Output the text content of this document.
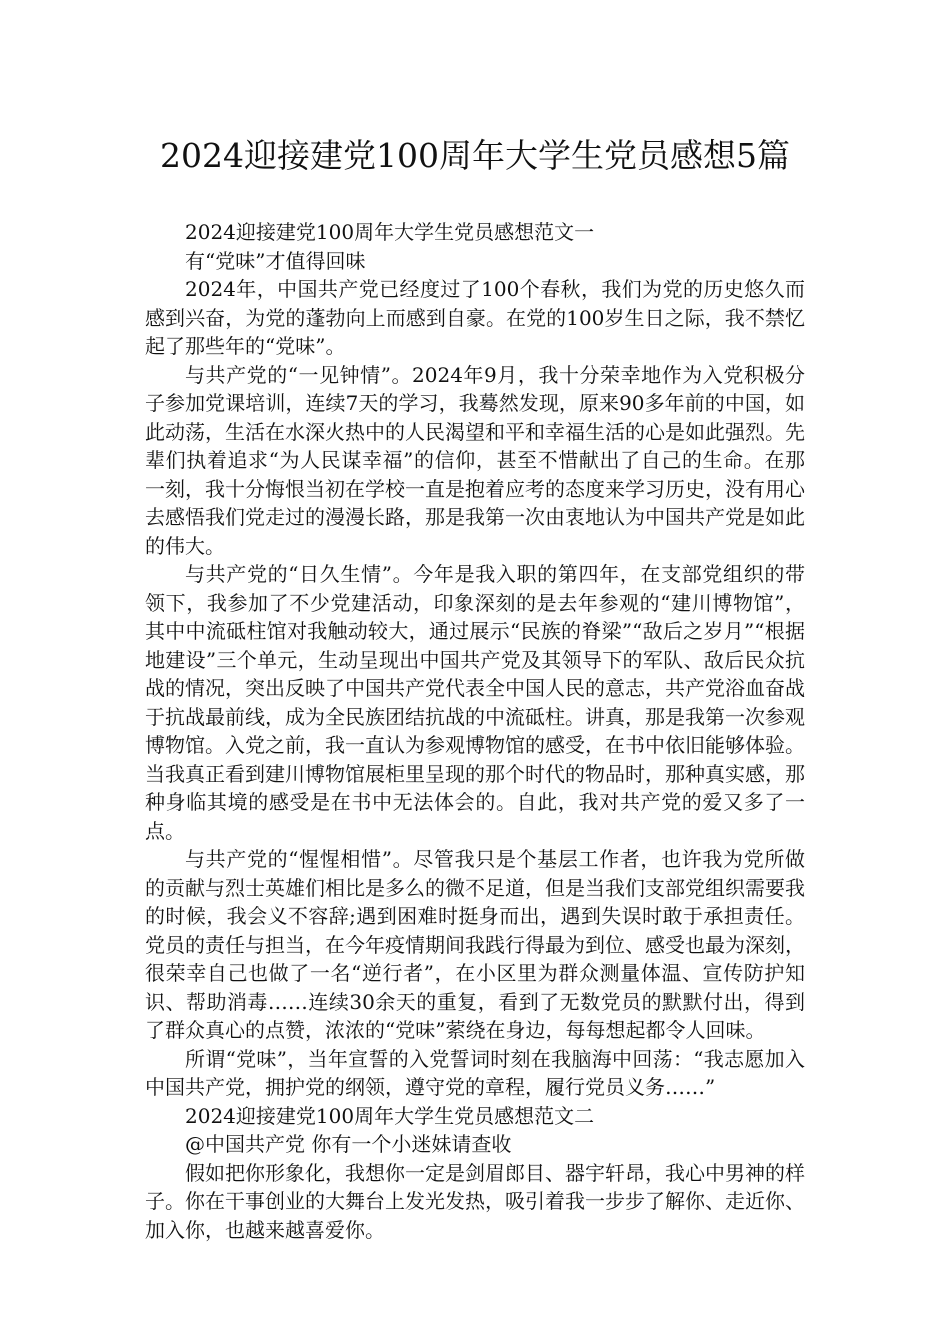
2024迎接建党100周年大学生党员感想5篇

2024迎接建党100周年大学生党员感想范文一

有“党味”才值得回味

2024年，中国共产党已经度过了100个春秋，我们为党的历史悠久而感到兴奋，为党的蓬勃向上而感到自豪。在党的100岁生日之际，我不禁忆起了那些年的“党味”。

与共产党的“一见钟情”。2024年9月，我十分荣幸地作为入党积极分子参加党课培训，连续7天的学习，我蓦然发现，原来90多年前的中国，如此动荡，生活在水深火热中的人民渴望和平和幸福生活的心是如此强烈。先辈们执着追求“为人民谋幸福”的信仰，甚至不惜献出了自己的生命。在那一刻，我十分悔恨当初在学校一直是抱着应考的态度来学习历史，没有用心去感悟我们党走过的漫漫长路，那是我第一次由衷地认为中国共产党是如此的伟大。

与共产党的“日久生情”。今年是我入职的第四年，在支部党组织的带领下，我参加了不少党建活动，印象深刻的是去年参观的“建川博物馆”，其中中流砥柱馆对我触动较大，通过展示“民族的脊梁”“敌后之岁月”“根据地建设”三个单元，生动呈现出中国共产党及其领导下的军队、敌后民众抗战的情况，突出反映了中国共产党代表全中国人民的意志，共产党浴血奋战于抗战最前线，成为全民族团结抗战的中流砥柱。讲真，那是我第一次参观博物馆。入党之前，我一直认为参观博物馆的感受，在书中依旧能够体验。当我真正看到建川博物馆展柜里呈现的那个时代的物品时，那种真实感，那种身临其境的感受是在书中无法体会的。自此，我对共产党的爱又多了一点。

与共产党的“惺惺相惜”。尽管我只是个基层工作者，也许我为党所做的贡献与烈士英雄们相比是多么的微不足道，但是当我们支部党组织需要我的时候，我会义不容辞;遇到困难时挺身而出，遇到失误时敢于承担责任。党员的责任与担当，在今年疫情期间我践行得最为到位、感受也最为深刻，很荣幸自己也做了一名“逆行者”，在小区里为群众测量体温、宣传防护知识、帮助消毒……连续30余天的重复，看到了无数党员的默默付出，得到了群众真心的点赞，浓浓的“党味”萦绕在身边，每每想起都令人回味。

所谓“党味”，当年宣誓的入党誓词时刻在我脑海中回荡：“我志愿加入中国共产党，拥护党的纲领，遵守党的章程，履行党员义务……”

2024迎接建党100周年大学生党员感想范文二

@中国共产党 你有一个小迷妹请查收

假如把你形象化，我想你一定是剑眉郎目、器宇轩昂，我心中男神的样子。你在干事创业的大舞台上发光发热，吸引着我一步步了解你、走近你、加入你，也越来越喜爱你。
